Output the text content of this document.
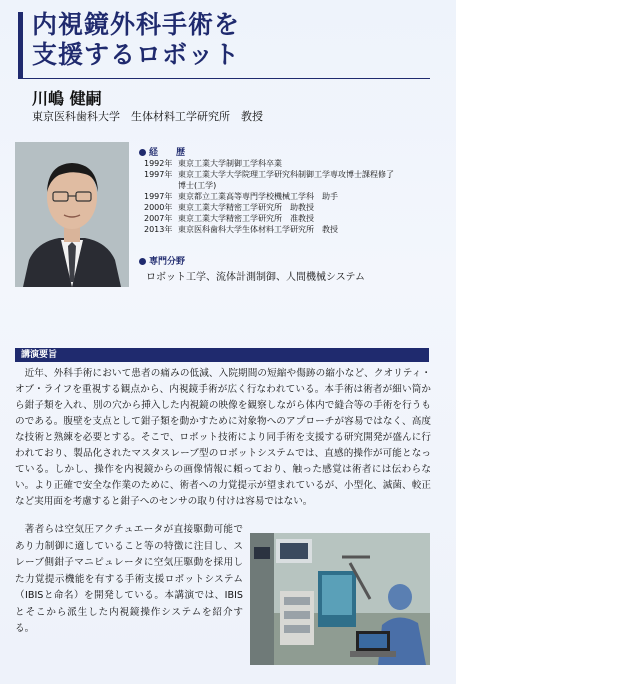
内視鏡外科手術を
支援するロボット
川嶋 健嗣
東京医科歯科大学　生体材料工学研究所　教授
経　　歴
1992年 東京工業大学制御工学科卒業
1997年 東京工業大学大学院理工学研究科制御工学専攻博士課程修了
博士(工学)
1997年 東京都立工業高等専門学校機械工学科　助手
2000年 東京工業大学精密工学研究所　助教授
2007年 東京工業大学精密工学研究所　准教授
2013年 東京医科歯科大学生体材料工学研究所　教授
専門分野
ロボット工学、流体計測制御、人間機械システム
講演要旨
近年、外科手術において患者の痛みの低減、入院期間の短縮や傷跡の縮小など、クオリティ・オブ・ライフを重視する観点から、内視鏡手術が広く行なわれている。本手術は術者が細い筒から鉗子類を入れ、別の穴から挿入した内視鏡の映像を観察しながら体内で縫合等の手術を行うものである。腹壁を支点として鉗子類を動かすために対象物へのアプローチが容易ではなく、高度な技術と熟練を必要とする。そこで、ロボット技術により同手術を支援する研究開発が盛んに行われており、製品化されたマスタスレーブ型のロボットシステムでは、直感的操作が可能となっている。しかし、操作を内視鏡からの画像情報に頼っており、触った感覚は術者には伝わらない。より正確で安全な作業のために、術者への力覚提示が望まれているが、小型化、滅菌、較正など実用面を考慮すると鉗子へのセンサの取り付けは容易ではない。
著者らは空気圧アクチュエータが直接駆動可能であり力制御に適していること等の特徴に注目し、スレーブ側鉗子マニピュレータに空気圧駆動を採用した力覚提示機能を有する手術支援ロボットシステム（IBISと命名）を開発している。本講演では、IBISとそこから派生した内視鏡操作システムを紹介する。
